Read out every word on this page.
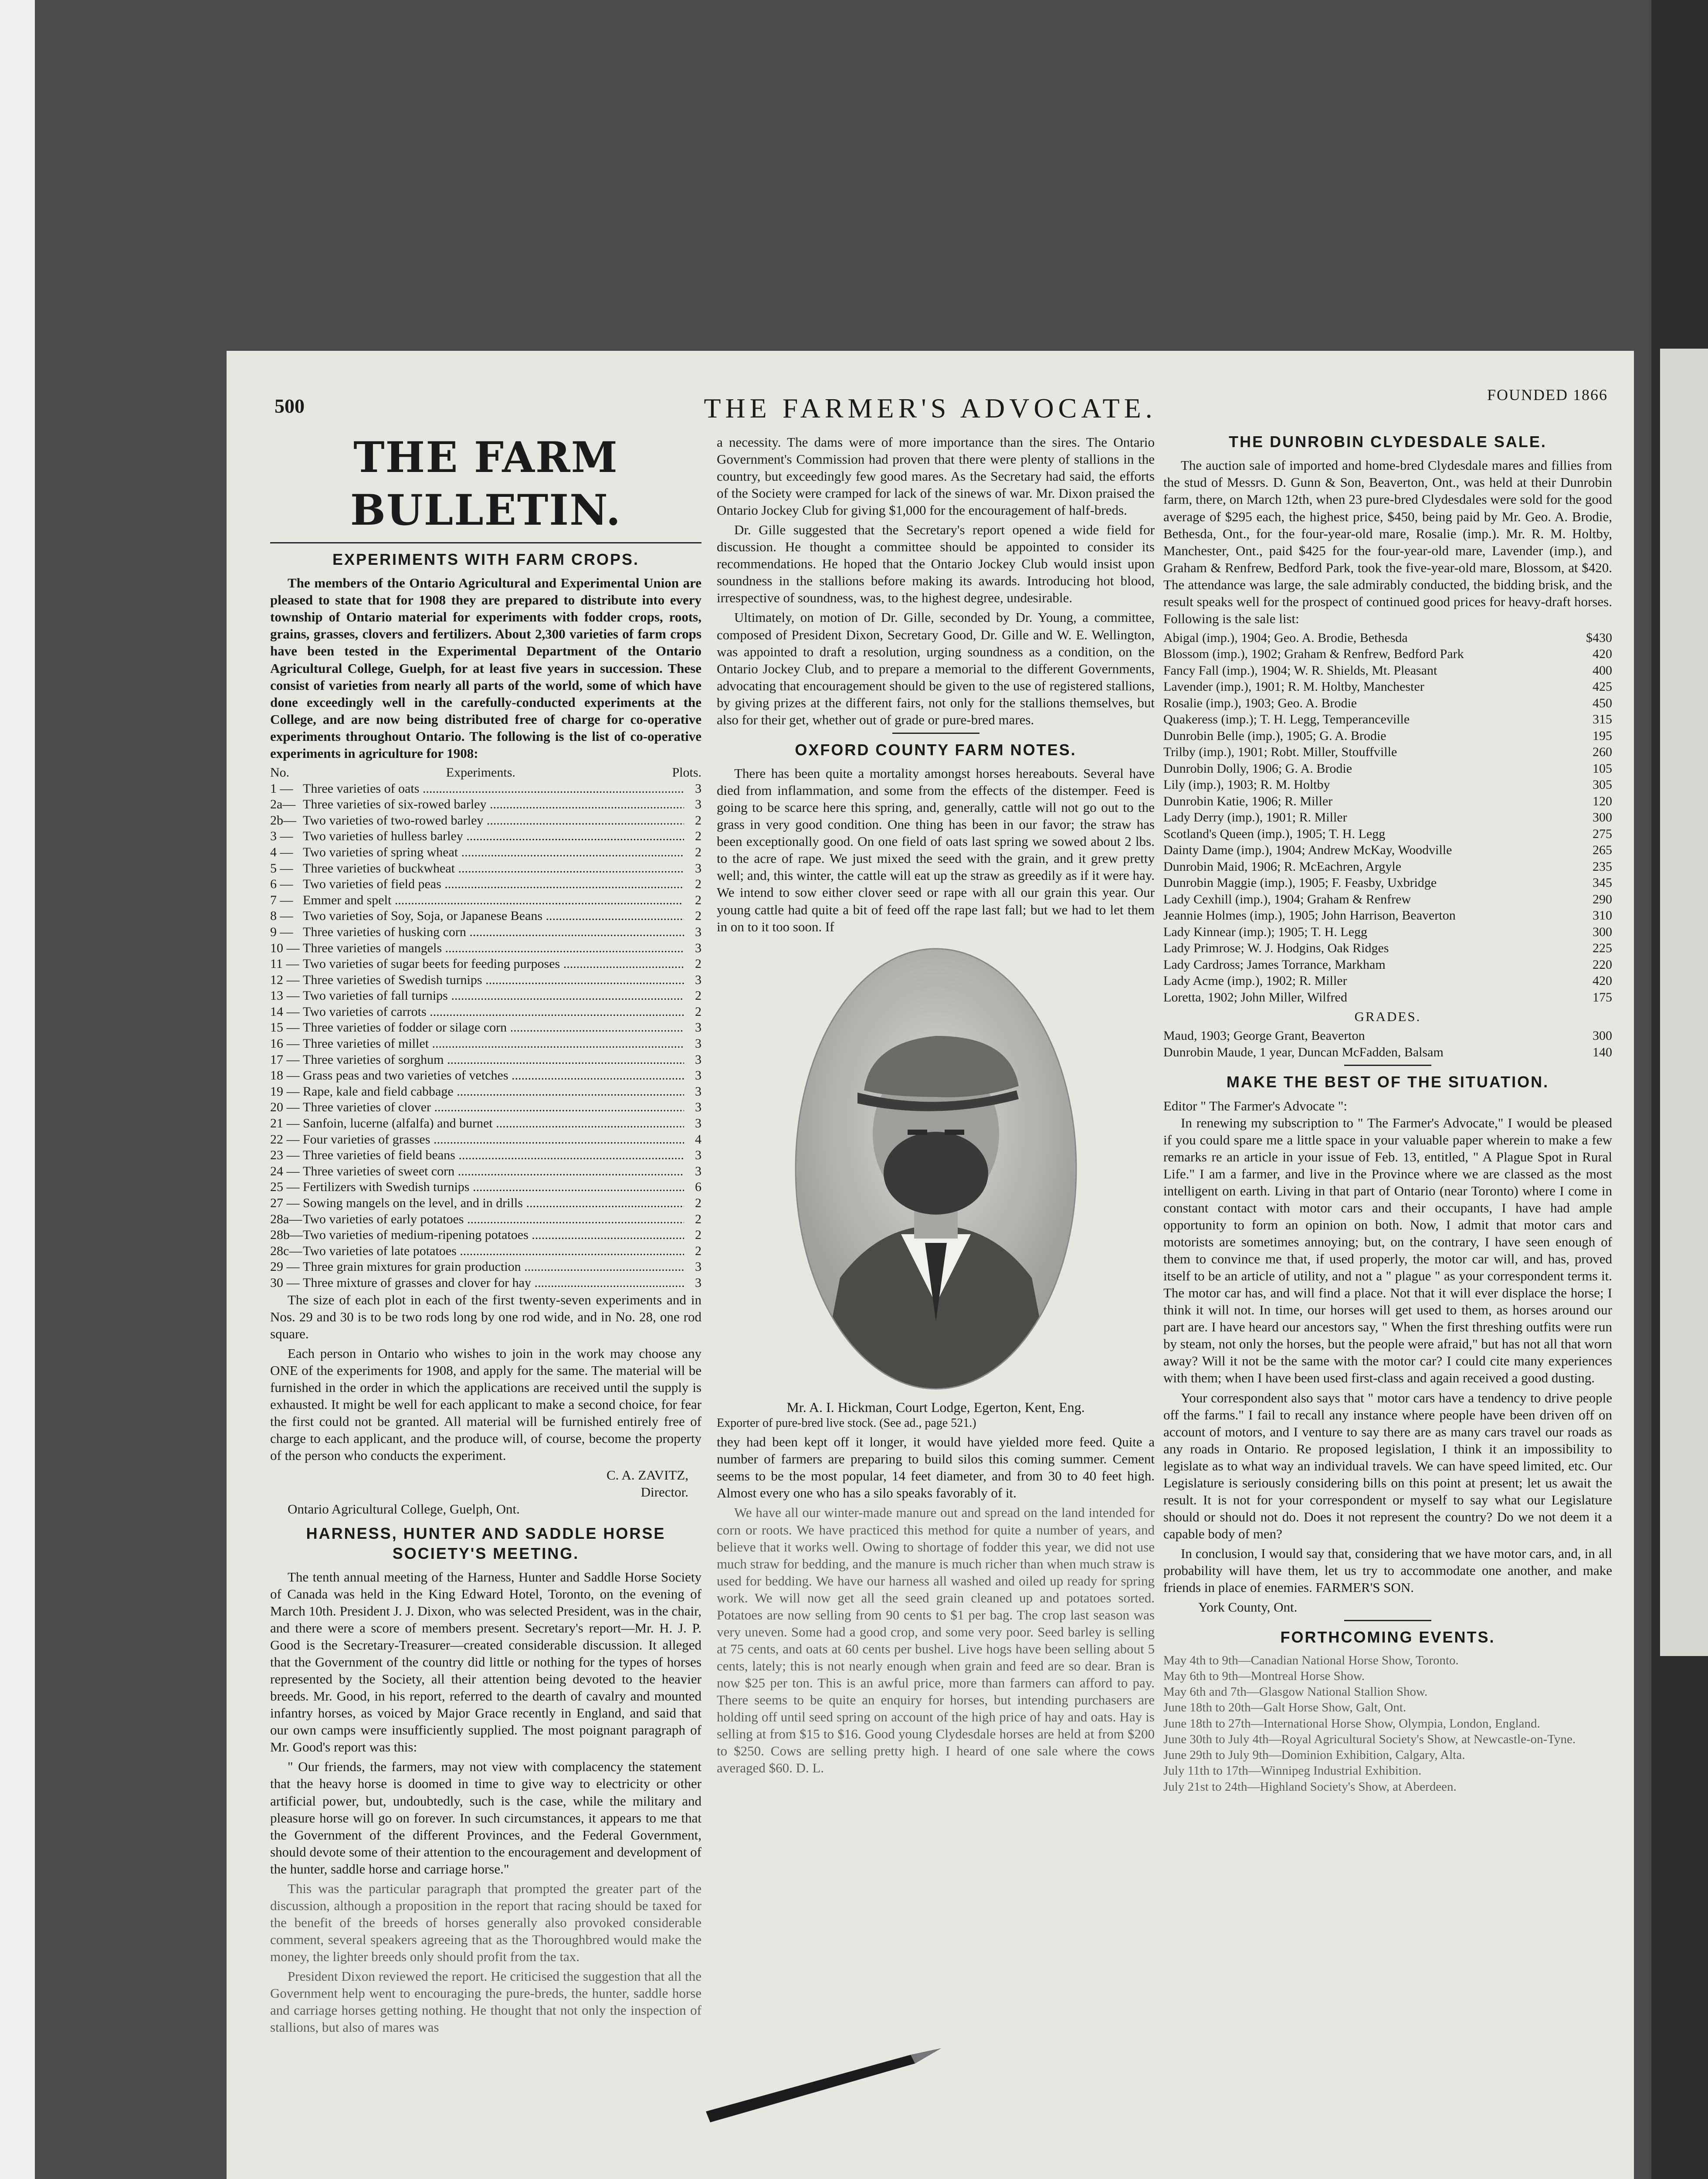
500	THE FARMER'S ADVOCATE.	FOUNDED 1866
THE FARM BULLETIN.
EXPERIMENTS WITH FARM CROPS.

The members of the Ontario Agricultural and Experimental Union are pleased to state that for 1908 they are prepared to distribute into every township of Ontario material for experiments with fodder crops, roots, grains, grasses, clovers and fertilizers. About 2,300 varieties of farm crops have been tested in the Experimental Department of the Ontario Agricultural College, Guelph, for at least five years in succession. These consist of varieties from nearly all parts of the world, some of which have done exceedingly well in the carefully-conducted experiments at the College, and are now being distributed free of charge for co-operative experiments throughout Ontario. The following is the list of co-operative experiments in agriculture for 1908:

No.	Experiments.	Plots.
1 — Three varieties of oats .....	3
2a— Three varieties of six-rowed barley .....	3
2b— Two varieties of two-rowed barley .....	2
3 — Two varieties of hulless barley .....	2
4 — Two varieties of spring wheat .....	2
5 — Three varieties of buckwheat .....	3
6 — Two varieties of field peas .....	2
7 — Emmer and spelt .....	2
8 — Two varieties of Soy, Soja, or Japanese Beans .....	2
9 — Three varieties of husking corn .....	3
10 — Three varieties of mangels .....	3
11 — Two varieties of sugar beets for feeding purposes .....	2
12 — Three varieties of Swedish turnips .....	3
13 — Two varieties of fall turnips .....	2
14 — Two varieties of carrots .....	2
15 — Three varieties of fodder or silage corn .....	3
16 — Three varieties of millet .....	3
17 — Three varieties of sorghum .....	3
18 — Grass peas and two varieties of vetches .....	3
19 — Rape, kale and field cabbage .....	3
20 — Three varieties of clover .....	3
21 — Sanfoin, lucerne (alfalfa) and burnet .....	3
22 — Four varieties of grasses .....	4
23 — Three varieties of field beans .....	3
24 — Three varieties of sweet corn .....	3
25 — Fertilizers with Swedish turnips .....	6
27 — Sowing mangels on the level, and in drills .....	2
28a— Two varieties of early potatoes .....	2
28b— Two varieties of medium-ripening potatoes .....	2
28c— Two varieties of late potatoes .....	2
29 — Three grain mixtures for grain production .....	3
30 — Three mixture of grasses and clover for hay .....	3

The size of each plot in each of the first twenty-seven experiments and in Nos. 29 and 30 is to be two rods long by one rod wide, and in No. 28, one rod square.

Each person in Ontario who wishes to join in the work may choose any ONE of the experiments for 1908, and apply for the same. The material will be furnished in the order in which the applications are received until the supply is exhausted. It might be well for each applicant to make a second choice, for fear the first could not be granted. All material will be furnished entirely free of charge to each applicant, and the produce will, of course, become the property of the person who conducts the experiment.

C. A. ZAVITZ,
Director.
Ontario Agricultural College, Guelph, Ont.
HARNESS, HUNTER AND SADDLE HORSE SOCIETY'S MEETING.

The tenth annual meeting of the Harness, Hunter and Saddle Horse Society of Canada was held in the King Edward Hotel, Toronto, on the evening of March 10th. President J. J. Dixon, who was selected President, was in the chair, and there were a score of members present. Secretary's report—Mr. H. J. P. Good is the Secretary-Treasurer—created considerable discussion. It alleged that the Government of the country did little or nothing for the types of horses represented by the Society, all their attention being devoted to the heavier breeds. Mr. Good, in his report, referred to the dearth of cavalry and mounted infantry horses, as voiced by Major Grace recently in England, and said that our own camps were insufficiently supplied. The most poignant paragraph of Mr. Good's report was this:

" Our friends, the farmers, may not view with complacency the statement that the heavy horse is doomed in time to give way to electricity or other artificial power, but, undoubtedly, such is the case, while the military and pleasure horse will go on forever. In such circumstances, it appears to me that the Government of the different Provinces, and the Federal Government, should devote some of their attention to the encouragement and development of the hunter, saddle horse and carriage horse."

This was the particular paragraph that prompted the greater part of the discussion, although a proposition in the report that racing should be taxed for the benefit of the breeds of horses generally also provoked considerable comment, several speakers agreeing that as the Thoroughbred would make the money, the lighter breeds only should profit from the tax.

President Dixon reviewed the report. He criticised the suggestion that all the Government help went to encouraging the pure-breds, the hunter, saddle horse and carriage horses getting nothing. He thought that not only the inspection of stallions, but also of mares was

a necessity. The dams were of more importance than the sires. The Ontario Government's Commission had proven that there were plenty of stallions in the country, but exceedingly few good mares. As the Secretary had said, the efforts of the Society were cramped for lack of the sinews of war. Mr. Dixon praised the Ontario Jockey Club for giving $1,000 for the encouragement of half-breds.

Dr. Gille suggested that the Secretary's report opened a wide field for discussion. He thought a committee should be appointed to consider its recommendations. He hoped that the Ontario Jockey Club would insist upon soundness in the stallions before making its awards. Introducing hot blood, irrespective of soundness, was, to the highest degree, undesirable.

Ultimately, on motion of Dr. Gille, seconded by Dr. Young, a committee, composed of President Dixon, Secretary Good, Dr. Gille and W. E. Wellington, was appointed to draft a resolution, urging soundness as a condition, on the Ontario Jockey Club, and to prepare a memorial to the different Governments, advocating that encouragement should be given to the use of registered stallions, by giving prizes at the different fairs, not only for the stallions themselves, but also for their get, whether out of grade or pure-bred mares.

OXFORD COUNTY FARM NOTES.

There has been quite a mortality amongst horses hereabouts. Several have died from inflammation, and some from the effects of the distemper. Feed is going to be scarce here this spring, and, generally, cattle will not go out to the grass in very good condition. One thing has been in our favor; the straw has been exceptionally good. On one field of oats last spring we sowed about 2 lbs. to the acre of rape. We just mixed the seed with the grain, and it grew pretty well; and, this winter, the cattle will eat up the straw as greedily as if it were hay. We intend to sow either clover seed or rape with all our grain this year. Our young cattle had quite a bit of feed off the rape last fall; but we had to let them in on to it too soon. If

Mr. A. I. Hickman, Court Lodge, Egerton, Kent, Eng.

Exporter of pure-bred live stock. (See ad., page 521.)

they had been kept off it longer, it would have yielded more feed. Quite a number of farmers are preparing to build silos this coming summer. Cement seems to be the most popular, 14 feet diameter, and from 30 to 40 feet high. Almost every one who has a silo speaks favorably of it.

We have all our winter-made manure out and spread on the land intended for corn or roots. We have practiced this method for quite a number of years, and believe that it works well. Owing to shortage of fodder this year, we did not use much straw for bedding, and the manure is much richer than when much straw is used for bedding. We have our harness all washed and oiled up ready for spring work. We will now get all the seed grain cleaned up and potatoes sorted. Potatoes are now selling from 90 cents to $1 per bag. The crop last season was very uneven. Some had a good crop, and some very poor. Seed barley is selling at 75 cents, and oats at 60 cents per bushel. Live hogs have been selling about 5 cents, lately; this is not nearly enough when grain and feed are so dear. Bran is now $25 per ton. This is an awful price, more than farmers can afford to pay. There seems to be quite an enquiry for horses, but intending purchasers are holding off until seed spring on account of the high price of hay and oats. Hay is selling at from $15 to $16. Good young Clydesdale horses are held at from $200 to $250. Cows are selling pretty high. I heard of one sale where the cows averaged $60. D. L.

THE DUNROBIN CLYDESDALE SALE.

The auction sale of imported and home-bred Clydesdale mares and fillies from the stud of Messrs. D. Gunn & Son, Beaverton, Ont., was held at their Dunrobin farm, there, on March 12th, when 23 pure-bred Clydesdales were sold for the good average of $295 each, the highest price, $450, being paid by Mr. Geo. A. Brodie, Bethesda, Ont., for the four-year-old mare, Rosalie (imp.). Mr. R. M. Holtby, Manchester, Ont., paid $425 for the four-year-old mare, Lavender (imp.), and Graham & Renfrew, Bedford Park, took the five-year-old mare, Blossom, at $420. The attendance was large, the sale admirably conducted, the bidding brisk, and the result speaks well for the prospect of continued good prices for heavy-draft horses. Following is the sale list:

Abigal (imp.), 1904; Geo. A. Brodie, Bethesda	$430
Blossom (imp.), 1902; Graham & Renfrew, Bedford Park	420
Fancy Fall (imp.), 1904; W. R. Shields, Mt. Pleasant	400
Lavender (imp.), 1901; R. M. Holtby, Manchester	425
Rosalie (imp.), 1903; Geo. A. Brodie	450
Quakeress (imp.); T. H. Legg, Temperanceville	315
Dunrobin Belle (imp.), 1905; G. A. Brodie	195
Trilby (imp.), 1901; Robt. Miller, Stouffville	260
Dunrobin Dolly, 1906; G. A. Brodie	105
Lily (imp.), 1903; R. M. Holtby	305
Dunrobin Katie, 1906; R. Miller	120
Lady Derry (imp.), 1901; R. Miller	300
Scotland's Queen (imp.), 1905; T. H. Legg	275
Dainty Dame (imp.), 1904; Andrew McKay, Woodville	265
Dunrobin Maid, 1906; R. McEachren, Argyle	235
Dunrobin Maggie (imp.), 1905; F. Feasby, Uxbridge	345
Lady Cexhill (imp.), 1904; Graham & Renfrew	290
Jeannie Holmes (imp.), 1905; John Harrison, Beaverton	310
Lady Kinnear (imp.); 1905; T. H. Legg	300
Lady Primrose; W. J. Hodgins, Oak Ridges	225
Lady Cardross; James Torrance, Markham	220
Lady Acme (imp.), 1902; R. Miller	420
Loretta, 1902; John Miller, Wilfred	175
GRADES.
Maud, 1903; George Grant, Beaverton	300
Dunrobin Maude, 1 year, Duncan McFadden, Balsam	140
MAKE THE BEST OF THE SITUATION.
Editor " The Farmer's Advocate ":

In renewing my subscription to " The Farmer's Advocate," I would be pleased if you could spare me a little space in your valuable paper wherein to make a few remarks re an article in your issue of Feb. 13, entitled, " A Plague Spot in Rural Life." I am a farmer, and live in the Province where we are classed as the most intelligent on earth. Living in that part of Ontario (near Toronto) where I come in constant contact with motor cars and their occupants, I have had ample opportunity to form an opinion on both. Now, I admit that motor cars and motorists are sometimes annoying; but, on the contrary, I have seen enough of them to convince me that, if used properly, the motor car will, and has, proved itself to be an article of utility, and not a " plague " as your correspondent terms it. The motor car has, and will find a place. Not that it will ever displace the horse; I think it will not. In time, our horses will get used to them, as horses around our part are. I have heard our ancestors say, " When the first threshing outfits were run by steam, not only the horses, but the people were afraid," but has not all that worn away? Will it not be the same with the motor car? I could cite many experiences with them; when I have been used first-class and again received a good dusting.

Your correspondent also says that " motor cars have a tendency to drive people off the farms." I fail to recall any instance where people have been driven off on account of motors, and I venture to say there are as many cars travel our roads as any roads in Ontario. Re proposed legislation, I think it an impossibility to legislate as to what way an individual travels. We can have speed limited, etc. Our Legislature is seriously considering bills on this point at present; let us await the result. It is not for your correspondent or myself to say what our Legislature should or should not do. Does it not represent the country? Do we not deem it a capable body of men?

In conclusion, I would say that, considering that we have motor cars, and, in all probability will have them, let us try to accommodate one another, and make friends in place of enemies. FARMER'S SON.

York County, Ont.
FORTHCOMING EVENTS.
May 4th to 9th—Canadian National Horse Show, Toronto.
May 6th to 9th—Montreal Horse Show.
May 6th and 7th—Glasgow National Stallion Show.
June 18th to 20th—Galt Horse Show, Galt, Ont.
June 18th to 27th—International Horse Show, Olympia, London, England.
June 30th to July 4th—Royal Agricultural Society's Show, at Newcastle-on-Tyne.
June 29th to July 9th—Dominion Exhibition, Calgary, Alta.
July 11th to 17th—Winnipeg Industrial Exhibition.
July 21st to 24th—Highland Society's Show, at Aberdeen.
